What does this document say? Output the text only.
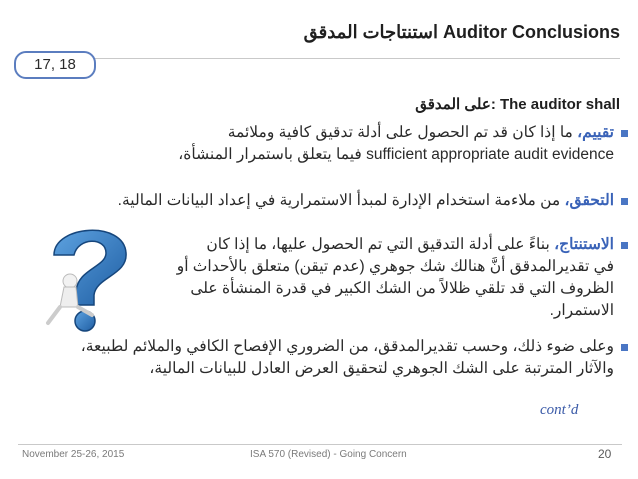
استنتاجات المدقق Auditor Conclusions
17, 18
على المدقق: The auditor shall
تقييم، ما إذا كان قد تم الحصول على أدلة تدقيق كافية وملائمة
sufficient appropriate audit evidence فيما يتعلق باستمرار المنشأة،
التحقق، من ملاءمة استخدام الإدارة لمبدأ الاستمرارية في إعداد البيانات المالية.
الاستنتاج، بناءً على أدلة التدقيق التي تم الحصول عليها، ما إذا كان
في تقديرالمدقق أنَّ هنالك شك جوهري (عدم تيقن) متعلق بالأحداث أو
الظروف التي قد تلقي ظلالاً من الشك الكبير في قدرة المنشأة على
الاستمرار.
وعلى ضوء ذلك، وحسب تقديرالمدقق، من الضروري الإفصاح الكافي والملائم لطبيعة،
والآثار المترتبة على الشك الجوهري لتحقيق العرض العادل للبيانات المالية،
cont’d
November 25-26, 2015	ISA 570 (Revised) - Going Concern	20
